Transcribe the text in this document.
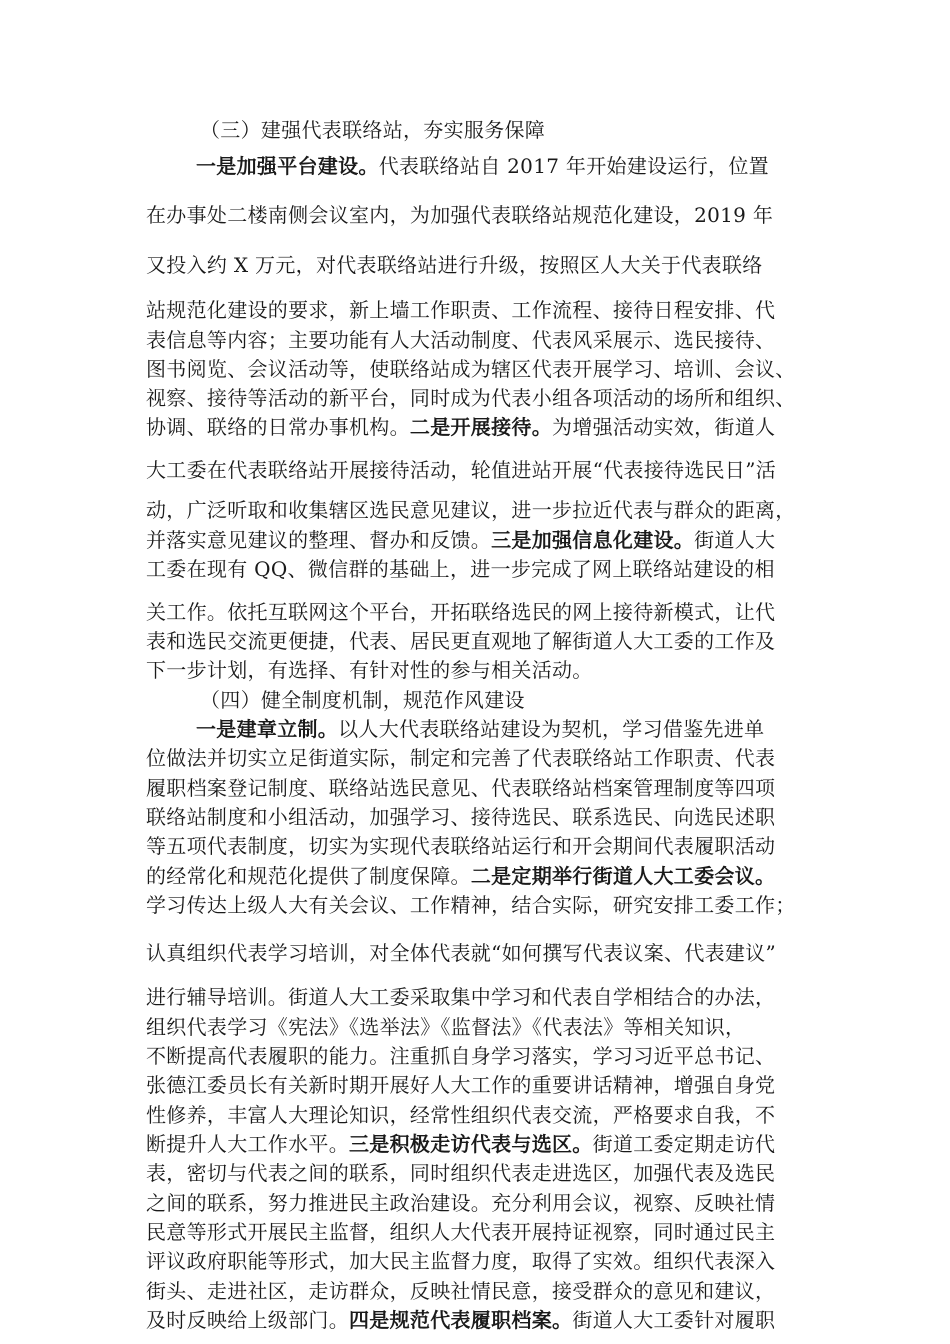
（三）建强代表联络站，夯实服务保障
一是加强平台建设。代表联络站自 2017 年开始建设运行，位置
在办事处二楼南侧会议室内，为加强代表联络站规范化建设，2019 年
又投入约 X 万元，对代表联络站进行升级，按照区人大关于代表联络
站规范化建设的要求，新上墙工作职责、工作流程、接待日程安排、代
表信息等内容；主要功能有人大活动制度、代表风采展示、选民接待、
图书阅览、会议活动等，使联络站成为辖区代表开展学习、培训、会议、
视察、接待等活动的新平台，同时成为代表小组各项活动的场所和组织、
协调、联络的日常办事机构。二是开展接待。为增强活动实效，街道人
大工委在代表联络站开展接待活动，轮值进站开展“代表接待选民日”活
动，广泛听取和收集辖区选民意见建议，进一步拉近代表与群众的距离，
并落实意见建议的整理、督办和反馈。三是加强信息化建设。街道人大
工委在现有 QQ、微信群的基础上，进一步完成了网上联络站建设的相
关工作。依托互联网这个平台，开拓联络选民的网上接待新模式，让代
表和选民交流更便捷，代表、居民更直观地了解街道人大工委的工作及
下一步计划，有选择、有针对性的参与相关活动。
（四）健全制度机制，规范作风建设
一是建章立制。以人大代表联络站建设为契机，学习借鉴先进单
位做法并切实立足街道实际，制定和完善了代表联络站工作职责、代表
履职档案登记制度、联络站选民意见、代表联络站档案管理制度等四项
联络站制度和小组活动，加强学习、接待选民、联系选民、向选民述职
等五项代表制度，切实为实现代表联络站运行和开会期间代表履职活动
的经常化和规范化提供了制度保障。二是定期举行街道人大工委会议。
学习传达上级人大有关会议、工作精神，结合实际，研究安排工委工作；
认真组织代表学习培训，对全体代表就“如何撰写代表议案、代表建议”
进行辅导培训。街道人大工委采取集中学习和代表自学相结合的办法，
组织代表学习《宪法》《选举法》《监督法》《代表法》等相关知识，
不断提高代表履职的能力。注重抓自身学习落实，学习习近平总书记、
张德江委员长有关新时期开展好人大工作的重要讲话精神，增强自身党
性修养，丰富人大理论知识，经常性组织代表交流，严格要求自我，不
断提升人大工作水平。三是积极走访代表与选区。街道工委定期走访代
表，密切与代表之间的联系，同时组织代表走进选区，加强代表及选民
之间的联系，努力推进民主政治建设。充分利用会议，视察、反映社情
民意等形式开展民主监督，组织人大代表开展持证视察，同时通过民主
评议政府职能等形式，加大民主监督力度，取得了实效。组织代表深入
街头、走进社区，走访群众，反映社情民意，接受群众的意见和建议，
及时反映给上级部门。四是规范代表履职档案。街道人大工委针对履职
